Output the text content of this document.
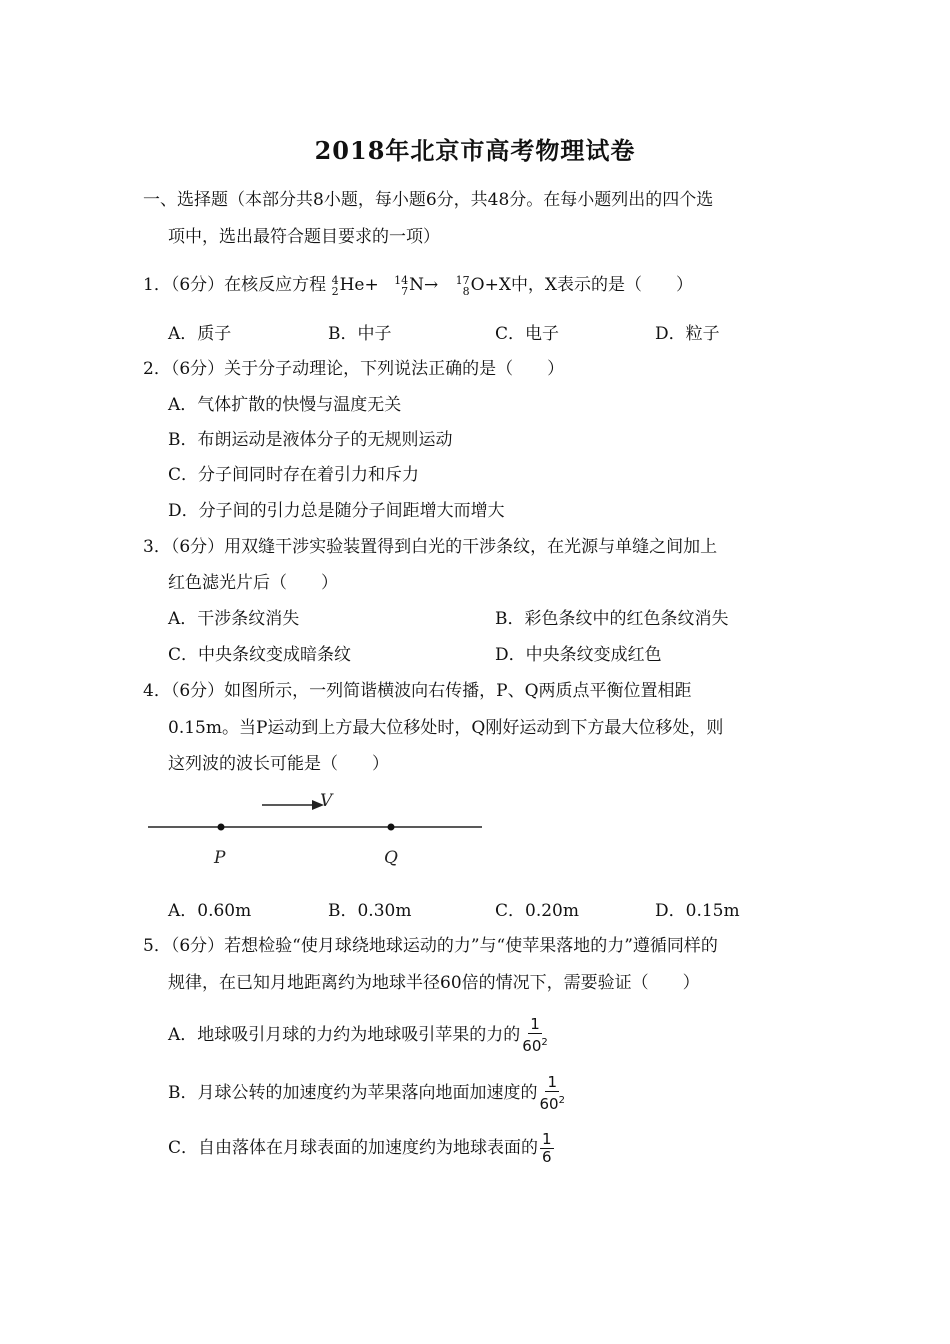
2018年北京市高考物理试卷
一、选择题（本部分共8小题，每小题6分，共48分。在每小题列出的四个选
项中，选出最符合题目要求的一项）
1．（6分）在核反应方程 4
2 He+ 14
7 N→ 17
8 O+X中，X表示的是（　　）
A．质子	B．中子	C．电子	D．粒子
2．（6分）关于分子动理论，下列说法正确的是（　　）
A．气体扩散的快慢与温度无关
B．布朗运动是液体分子的无规则运动
C．分子间同时存在着引力和斥力
D．分子间的引力总是随分子间距增大而增大
3．（6分）用双缝干涉实验装置得到白光的干涉条纹，在光源与单缝之间加上
红色滤光片后（　　）
A．干涉条纹消失	B．彩色条纹中的红色条纹消失
C．中央条纹变成暗条纹	D．中央条纹变成红色
4．（6分）如图所示，一列简谐横波向右传播，P、Q两质点平衡位置相距
0.15m。当P运动到上方最大位移处时，Q刚好运动到下方最大位移处，则
这列波的波长可能是（　　）
V
P	Q
A．0.60m	B．0.30m	C．0.20m	D．0.15m
5．（6分）若想检验“使月球绕地球运动的力”与“使苹果落地的力”遵循同样的
规律，在已知月地距离约为地球半径60倍的情况下，需要验证（　　）
A．地球吸引月球的力约为地球吸引苹果的力的 $\frac{1}{60^2}$
B．月球公转的加速度约为苹果落向地面加速度的 $\frac{1}{60^2}$
C．自由落体在月球表面的加速度约为地球表面的 $\frac{1}{6}$
